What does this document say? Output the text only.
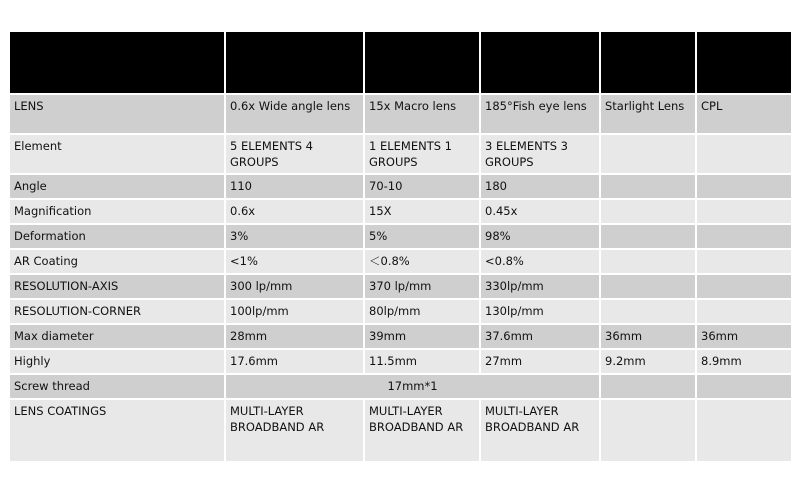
LENS	0.6x Wide angle lens	15x Macro lens	185°Fish eye lens	Starlight Lens	CPL
Element	5 ELEMENTS 4 GROUPS	1 ELEMENTS 1 GROUPS	3 ELEMENTS 3 GROUPS		
Angle	110	70-10	180		
Magnification	0.6x	15X	0.45x		
Deformation	3%	5%	98%		
AR Coating	<1%	＜0.8%	<0.8%		
RESOLUTION-AXIS	300 lp/mm	370 lp/mm	330lp/mm		
RESOLUTION-CORNER	100lp/mm	80lp/mm	130lp/mm		
Max diameter	28mm	39mm	37.6mm	36mm	36mm
Highly	17.6mm	11.5mm	27mm	9.2mm	8.9mm
Screw thread	17mm*1				
LENS COATINGS	MULTI-LAYER BROADBAND AR	MULTI-LAYER BROADBAND AR	MULTI-LAYER BROADBAND AR		
